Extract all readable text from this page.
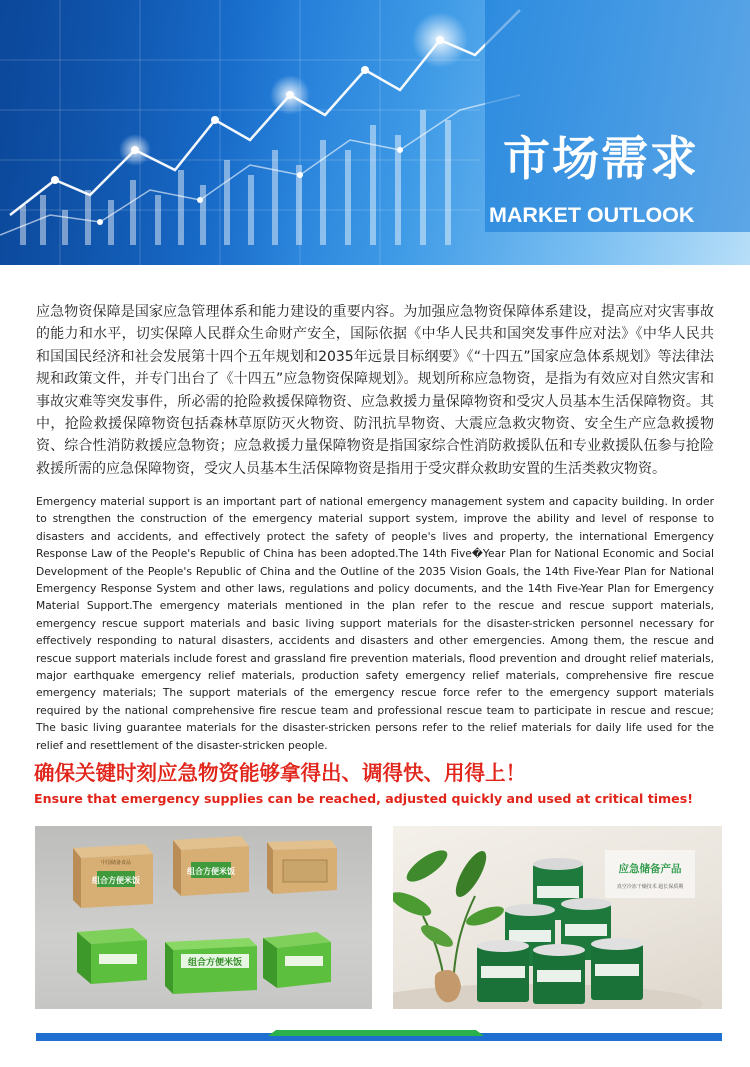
市场需求
MARKET OUTLOOK

应急物资保障是国家应急管理体系和能力建设的重要内容。为加强应急物资保障体系建设，提高应对灾害事故的能力和水平，切实保障人民群众生命财产安全，国际依据《中华人民共和国突发事件应对法》《中华人民共和国国民经济和社会发展第十四个五年规划和2035年远景目标纲要》《“十四五”国家应急体系规划》等法律法规和政策文件，并专门出台了《十四五”应急物资保障规划》。规划所称应急物资，是指为有效应对自然灾害和事故灾难等突发事件，所必需的抢险救援保障物资、应急救援力量保障物资和受灾人员基本生活保障物资。其中，抢险救援保障物资包括森林草原防灭火物资、防汛抗旱物资、大震应急救灾物资、安全生产应急救援物资、综合性消防救援应急物资；应急救援力量保障物资是指国家综合性消防救援队伍和专业救援队伍参与抢险救援所需的应急保障物资，受灾人员基本生活保障物资是指用于受灾群众救助安置的生活类救灾物资。

Emergency material support is an important part of national emergency management system and capacity building. In order to strengthen the construction of the emergency material support system, improve the ability and level of response to disasters and accidents, and effectively protect the safety of people's lives and property, the international Emergency Response Law of the People's Republic of China has been adopted.The 14th Five�Year Plan for National Economic and Social Development of the People's Republic of China and the Outline of the 2035 Vision Goals, the 14th Five-Year Plan for National Emergency Response System and other laws, regulations and policy documents, and the 14th Five-Year Plan for Emergency Material Support.The emergency materials mentioned in the plan refer to the rescue and rescue support materials, emergency rescue support materials and basic living support materials for the disaster-stricken personnel necessary for effectively responding to natural disasters, accidents and disasters and other emergencies. Among them, the rescue and rescue support materials include forest and grassland fire prevention materials, flood prevention and drought relief materials, major earthquake emergency relief materials, production safety emergency relief materials, comprehensive fire rescue emergency materials; The support materials of the emergency rescue force refer to the emergency support materials required by the national comprehensive fire rescue team and professional rescue team to participate in rescue and rescue; The basic living guarantee materials for the disaster-stricken persons refer to the relief materials for daily life used for the relief and resettlement of the disaster-stricken people.

确保关键时刻应急物资能够拿得出、调得快、用得上！
Ensure that emergency supplies can be reached, adjusted quickly and used at critical times!
中国储备食品
组合方便米饭
组合方便米饭
组合方便米饭
应急储备产品
真空冷冻干燥技术 超长保质期
